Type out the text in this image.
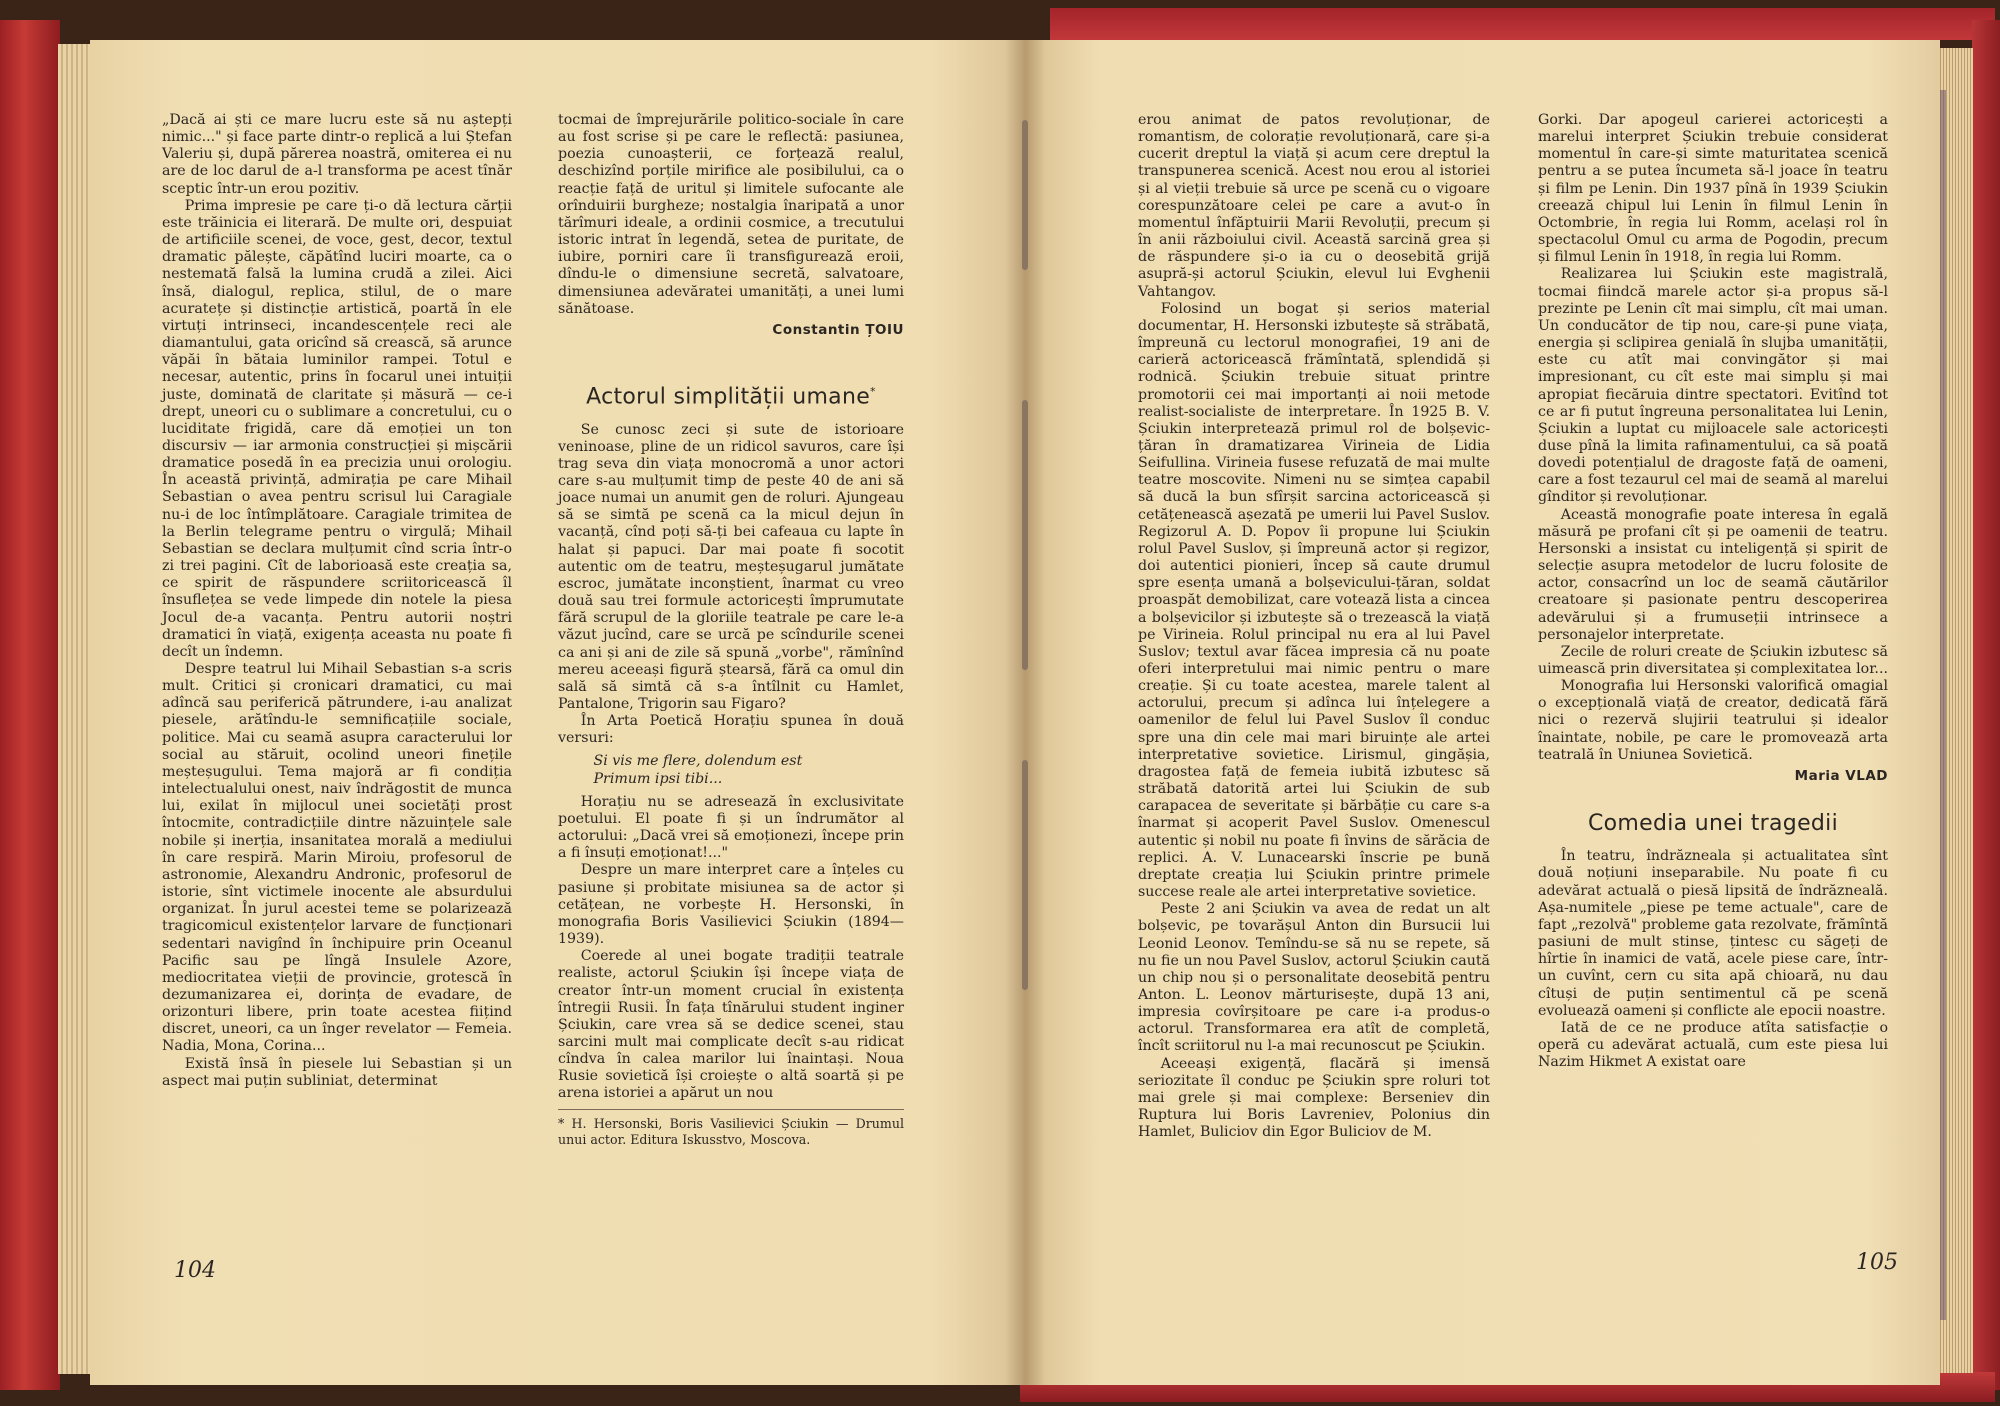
„Dacă ai ști ce mare lucru este să nu aștepți nimic..." și face parte dintr-o replică a lui Ștefan Valeriu și, după părerea noastră, omiterea ei nu are de loc darul de a-l transforma pe acest tînăr sceptic într-un erou pozitiv.

Prima impresie pe care ți-o dă lectura cărții este trăinicia ei literară. De multe ori, despuiat de artificiile scenei, de voce, gest, decor, textul dramatic pălește, căpătînd luciri moarte, ca o nestemată falsă la lumina crudă a zilei. Aici însă, dialogul, replica, stilul, de o mare acuratețe și distincție artistică, poartă în ele virtuți intrinseci, incandescențele reci ale diamantului, gata oricînd să crească, să arunce văpăi în bătaia luminilor rampei. Totul e necesar, autentic, prins în focarul unei intuiții juste, dominată de claritate și măsură — ce-i drept, uneori cu o sublimare a concretului, cu o luciditate frigidă, care dă emoției un ton discursiv — iar armonia construcției și mișcării dramatice posedă în ea precizia unui orologiu. În această privință, admirația pe care Mihail Sebastian o avea pentru scrisul lui Caragiale nu-i de loc întîmplătoare. Caragiale trimitea de la Berlin telegrame pentru o virgulă; Mihail Sebastian se declara mulțumit cînd scria într-o zi trei pagini. Cît de laborioasă este creația sa, ce spirit de răspundere scriitoricească îl însuflețea se vede limpede din notele la piesa Jocul de-a vacanța. Pentru autorii noștri dramatici în viață, exigența aceasta nu poate fi decît un îndemn.

Despre teatrul lui Mihail Sebastian s-a scris mult. Critici și cronicari dramatici, cu mai adîncă sau periferică pătrundere, i-au analizat piesele, arătîndu-le semnificațiile sociale, politice. Mai cu seamă asupra caracterului lor social au stăruit, ocolind uneori finețile meșteșugului. Tema majoră ar fi condiția intelectualului onest, naiv îndrăgostit de munca lui, exilat în mijlocul unei societăți prost întocmite, contradicțiile dintre năzuințele sale nobile și inerția, insanitatea morală a mediului în care respiră. Marin Miroiu, profesorul de astronomie, Alexandru Andronic, profesorul de istorie, sînt victimele inocente ale absurdului organizat. În jurul acestei teme se polarizează tragicomicul existențelor larvare de funcționari sedentari navigînd în închipuire prin Oceanul Pacific sau pe lîngă Insulele Azore, mediocritatea vieții de provincie, grotescă în dezumanizarea ei, dorința de evadare, de orizonturi libere, prin toate acestea fiițind discret, uneori, ca un înger revelator — Femeia. Nadia, Mona, Corina...

Există însă în piesele lui Sebastian și un aspect mai puțin subliniat, determinat

tocmai de împrejurările politico-sociale în care au fost scrise și pe care le reflectă: pasiunea, poezia cunoașterii, ce forțează realul, deschizînd porțile mirifice ale posibilului, ca o reacție față de uritul și limitele sufocante ale orînduirii burgheze; nostalgia înaripată a unor tărîmuri ideale, a ordinii cosmice, a trecutului istoric intrat în legendă, setea de puritate, de iubire, porniri care îi transfigurează eroii, dîndu-le o dimensiune secretă, salvatoare, dimensiunea adevăratei umanități, a unei lumi sănătoase.

Constantin ȚOIU
Actorul simplității umane*

Se cunosc zeci și sute de istorioare veninoase, pline de un ridicol savuros, care își trag seva din viața monocromă a unor actori care s-au mulțumit timp de peste 40 de ani să joace numai un anumit gen de roluri. Ajungeau să se simtă pe scenă ca la micul dejun în vacanță, cînd poți să-ți bei cafeaua cu lapte în halat și papuci. Dar mai poate fi socotit autentic om de teatru, meșteșugarul jumătate escroc, jumătate inconștient, înarmat cu vreo două sau trei formule actoricești împrumutate fără scrupul de la gloriile teatrale pe care le-a văzut jucînd, care se urcă pe scîndurile scenei ca ani și ani de zile să spună „vorbe", rămînînd mereu aceeași figură ștearsă, fără ca omul din sală să simtă că s-a întîlnit cu Hamlet, Pantalone, Trigorin sau Figaro?

În Arta Poetică Horațiu spunea în două versuri:

Si vis me flere, dolendum est
Primum ipsi tibi...

Horațiu nu se adresează în exclusivitate poetului. El poate fi și un îndrumător al actorului: „Dacă vrei să emoționezi, începe prin a fi însuți emoționat!..."

Despre un mare interpret care a înțeles cu pasiune și probitate misiunea sa de actor și cetățean, ne vorbește H. Hersonski, în monografia Boris Vasilievici Șciukin (1894—1939).

Coerede al unei bogate tradiții teatrale realiste, actorul Șciukin își începe viața de creator într-un moment crucial în existența întregii Rusii. În fața tînărului student inginer Șciukin, care vrea să se dedice scenei, stau sarcini mult mai complicate decît s-au ridicat cîndva în calea marilor lui înaintași. Noua Rusie sovietică își croiește o altă soartă și pe arena istoriei a apărut un nou

* H. Hersonski, Boris Vasilievici Șciukin — Drumul unui actor. Editura Iskusstvo, Moscova.
104

erou animat de patos revoluționar, de romantism, de colorație revoluționară, care și-a cucerit dreptul la viață și acum cere dreptul la transpunerea scenică. Acest nou erou al istoriei și al vieții trebuie să urce pe scenă cu o vigoare corespunzătoare celei pe care a avut-o în momentul înfăptuirii Marii Revoluții, precum și în anii războiului civil. Această sarcină grea și de răspundere și-o ia cu o deosebită grijă asupră-și actorul Șciukin, elevul lui Evghenii Vahtangov.

Folosind un bogat și serios material documentar, H. Hersonski izbutește să străbată, împreună cu lectorul monografiei, 19 ani de carieră actoricească frămîntată, splendidă și rodnică. Șciukin trebuie situat printre promotorii cei mai importanți ai noii metode realist-socialiste de interpretare. În 1925 B. V. Șciukin interpretează primul rol de bolșevic-țăran în dramatizarea Virineia de Lidia Seifullina. Virineia fusese refuzată de mai multe teatre moscovite. Nimeni nu se simțea capabil să ducă la bun sfîrșit sarcina actoricească și cetățenească așezată pe umerii lui Pavel Suslov. Regizorul A. D. Popov îi propune lui Șciukin rolul Pavel Suslov, și împreună actor și regizor, doi autentici pionieri, încep să caute drumul spre esența umană a bolșevicului-țăran, soldat proaspăt demobilizat, care votează lista a cincea a bolșevicilor și izbutește să o trezească la viață pe Virineia. Rolul principal nu era al lui Pavel Suslov; textul avar făcea impresia că nu poate oferi interpretului mai nimic pentru o mare creație. Și cu toate acestea, marele talent al actorului, precum și adînca lui înțelegere a oamenilor de felul lui Pavel Suslov îl conduc spre una din cele mai mari biruințe ale artei interpretative sovietice. Lirismul, gingășia, dragostea față de femeia iubită izbutesc să străbată datorită artei lui Șciukin de sub carapacea de severitate și bărbăție cu care s-a înarmat și acoperit Pavel Suslov. Omenescul autentic și nobil nu poate fi învins de sărăcia de replici. A. V. Lunacearski înscrie pe bună dreptate creația lui Șciukin printre primele succese reale ale artei interpretative sovietice.

Peste 2 ani Șciukin va avea de redat un alt bolșevic, pe tovarășul Anton din Bursucii lui Leonid Leonov. Temîndu-se să nu se repete, să nu fie un nou Pavel Suslov, actorul Șciukin caută un chip nou și o personalitate deosebită pentru Anton. L. Leonov mărturisește, după 13 ani, impresia covîrșitoare pe care i-a produs-o actorul. Transformarea era atît de completă, încît scriitorul nu l-a mai recunoscut pe Șciukin.

Aceeași exigență, flacără și imensă seriozitate îl conduc pe Șciukin spre roluri tot mai grele și mai complexe: Berseniev din Ruptura lui Boris Lavreniev, Polonius din Hamlet, Buliciov din Egor Buliciov de M.

Gorki. Dar apogeul carierei actoricești a marelui interpret Șciukin trebuie considerat momentul în care-și simte maturitatea scenică pentru a se putea încumeta să-l joace în teatru și film pe Lenin. Din 1937 pînă în 1939 Șciukin creează chipul lui Lenin în filmul Lenin în Octombrie, în regia lui Romm, același rol în spectacolul Omul cu arma de Pogodin, precum și filmul Lenin în 1918, în regia lui Romm.

Realizarea lui Șciukin este magistrală, tocmai fiindcă marele actor și-a propus să-l prezinte pe Lenin cît mai simplu, cît mai uman. Un conducător de tip nou, care-și pune viața, energia și sclipirea genială în slujba umanității, este cu atît mai convingător și mai impresionant, cu cît este mai simplu și mai apropiat fiecăruia dintre spectatori. Evitînd tot ce ar fi putut îngreuna personalitatea lui Lenin, Șciukin a luptat cu mijloacele sale actoricești duse pînă la limita rafinamentului, ca să poată dovedi potențialul de dragoste față de oameni, care a fost tezaurul cel mai de seamă al marelui gînditor și revoluționar.

Această monografie poate interesa în egală măsură pe profani cît și pe oamenii de teatru. Hersonski a insistat cu inteligență și spirit de selecție asupra metodelor de lucru folosite de actor, consacrînd un loc de seamă căutărilor creatoare și pasionate pentru descoperirea adevărului și a frumuseții intrinsece a personajelor interpretate.

Zecile de roluri create de Șciukin izbutesc să uimească prin diversitatea și complexitatea lor...

Monografia lui Hersonski valorifică omagial o excepțională viață de creator, dedicată fără nici o rezervă slujirii teatrului și idealor înaintate, nobile, pe care le promovează arta teatrală în Uniunea Sovietică.

Maria VLAD
Comedia unei tragedii

În teatru, îndrăzneala și actualitatea sînt două noțiuni inseparabile. Nu poate fi cu adevărat actuală o piesă lipsită de îndrăzneală. Așa-numitele „piese pe teme actuale", care de fapt „rezolvă" probleme gata rezolvate, frămîntă pasiuni de mult stinse, țintesc cu săgeți de hîrtie în inamici de vată, acele piese care, într-un cuvînt, cern cu sita apă chioară, nu dau cîtuși de puțin sentimentul că pe scenă evoluează oameni și conflicte ale epocii noastre.

Iată de ce ne produce atîta satisfacție o operă cu adevărat actuală, cum este piesa lui Nazim Hikmet A existat oare

105
